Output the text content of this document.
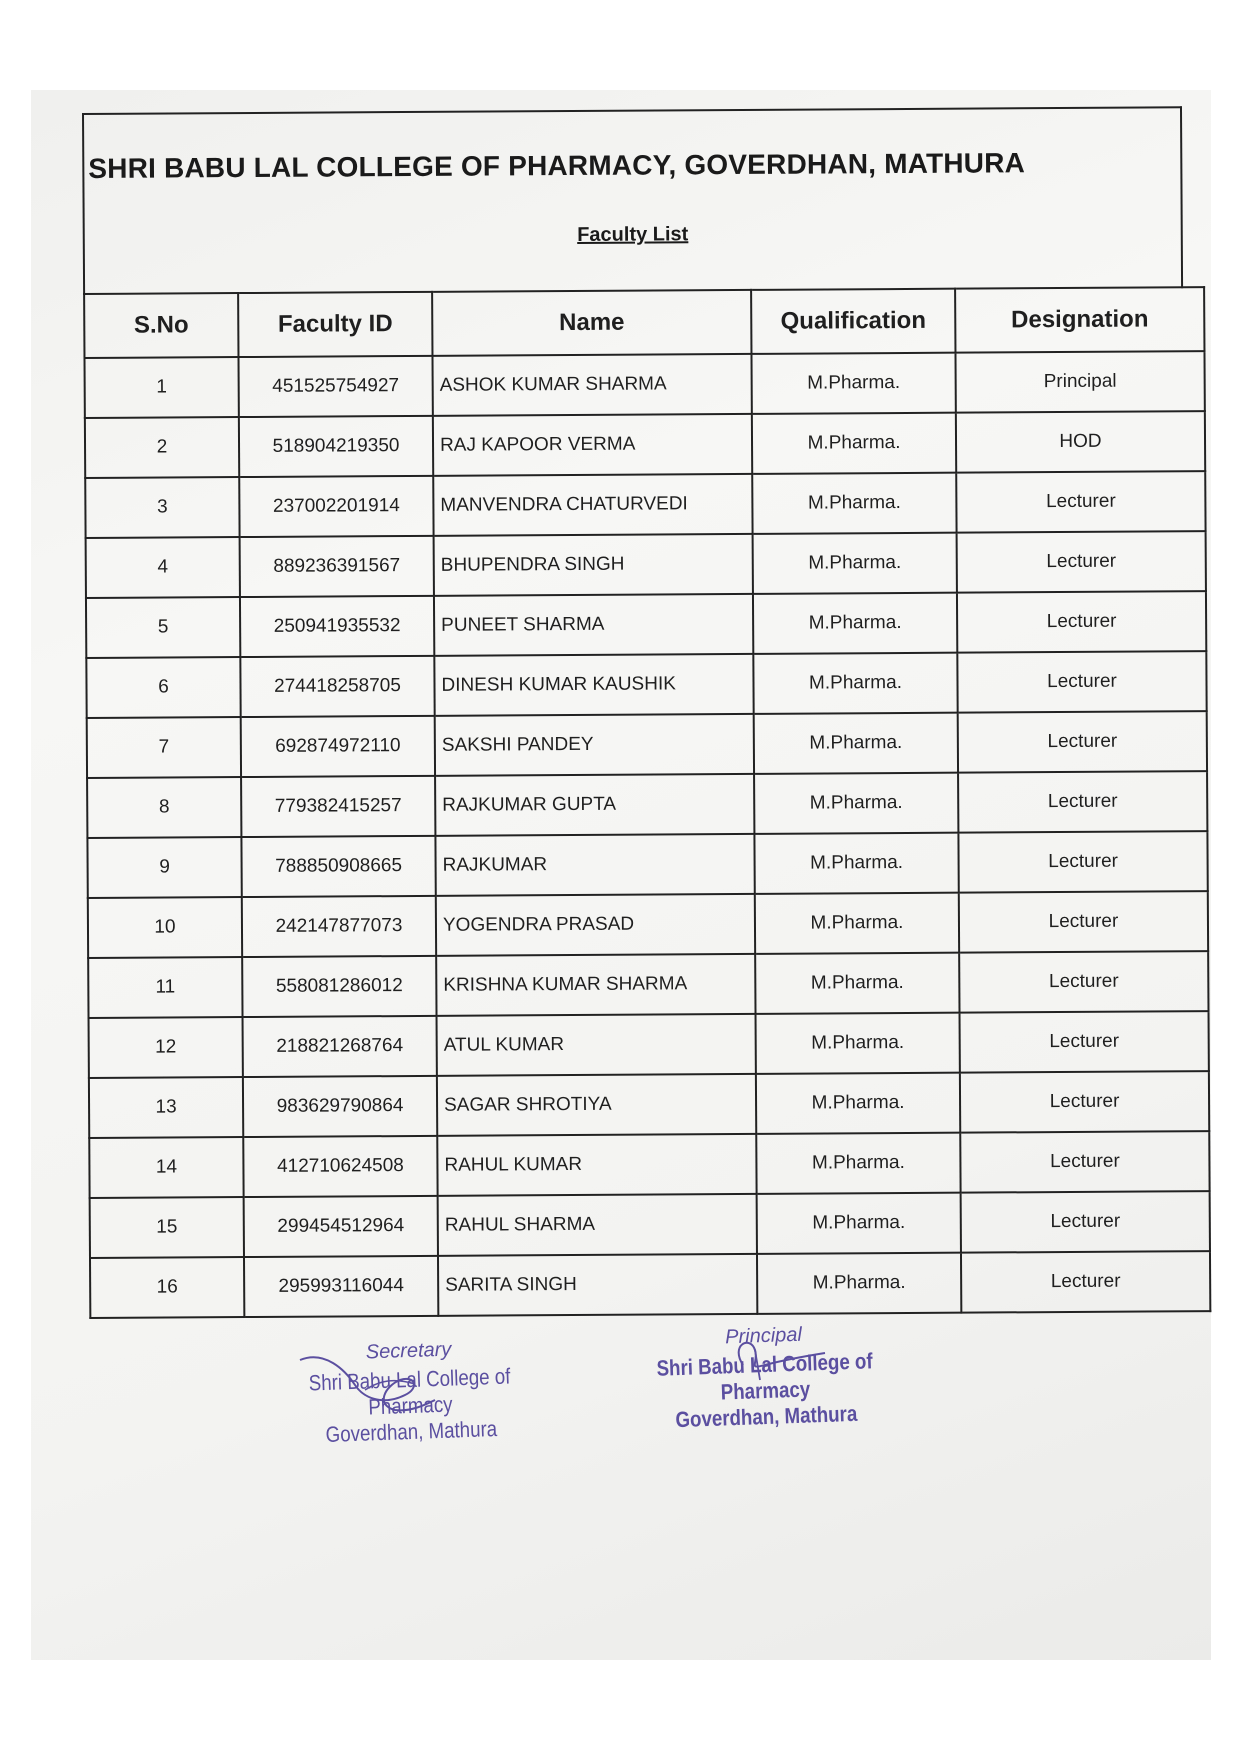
SHRI BABU LAL COLLEGE OF PHARMACY, GOVERDHAN, MATHURA
Faculty List
S.No	Faculty ID	Name	Qualification	Designation
1	451525754927	ASHOK KUMAR SHARMA	M.Pharma.	Principal
2	518904219350	RAJ KAPOOR VERMA	M.Pharma.	HOD
3	237002201914	MANVENDRA CHATURVEDI	M.Pharma.	Lecturer
4	889236391567	BHUPENDRA SINGH	M.Pharma.	Lecturer
5	250941935532	PUNEET SHARMA	M.Pharma.	Lecturer
6	274418258705	DINESH KUMAR KAUSHIK	M.Pharma.	Lecturer
7	692874972110	SAKSHI PANDEY	M.Pharma.	Lecturer
8	779382415257	RAJKUMAR GUPTA	M.Pharma.	Lecturer
9	788850908665	RAJKUMAR	M.Pharma.	Lecturer
10	242147877073	YOGENDRA PRASAD	M.Pharma.	Lecturer
11	558081286012	KRISHNA KUMAR SHARMA	M.Pharma.	Lecturer
12	218821268764	ATUL KUMAR	M.Pharma.	Lecturer
13	983629790864	SAGAR SHROTIYA	M.Pharma.	Lecturer
14	412710624508	RAHUL KUMAR	M.Pharma.	Lecturer
15	299454512964	RAHUL SHARMA	M.Pharma.	Lecturer
16	295993116044	SARITA SINGH	M.Pharma.	Lecturer
Secretary
Shri Babu Lal College of Pharmacy
Goverdhan, Mathura
Principal
Shri Babu Lal College of Pharmacy
Goverdhan, Mathura
